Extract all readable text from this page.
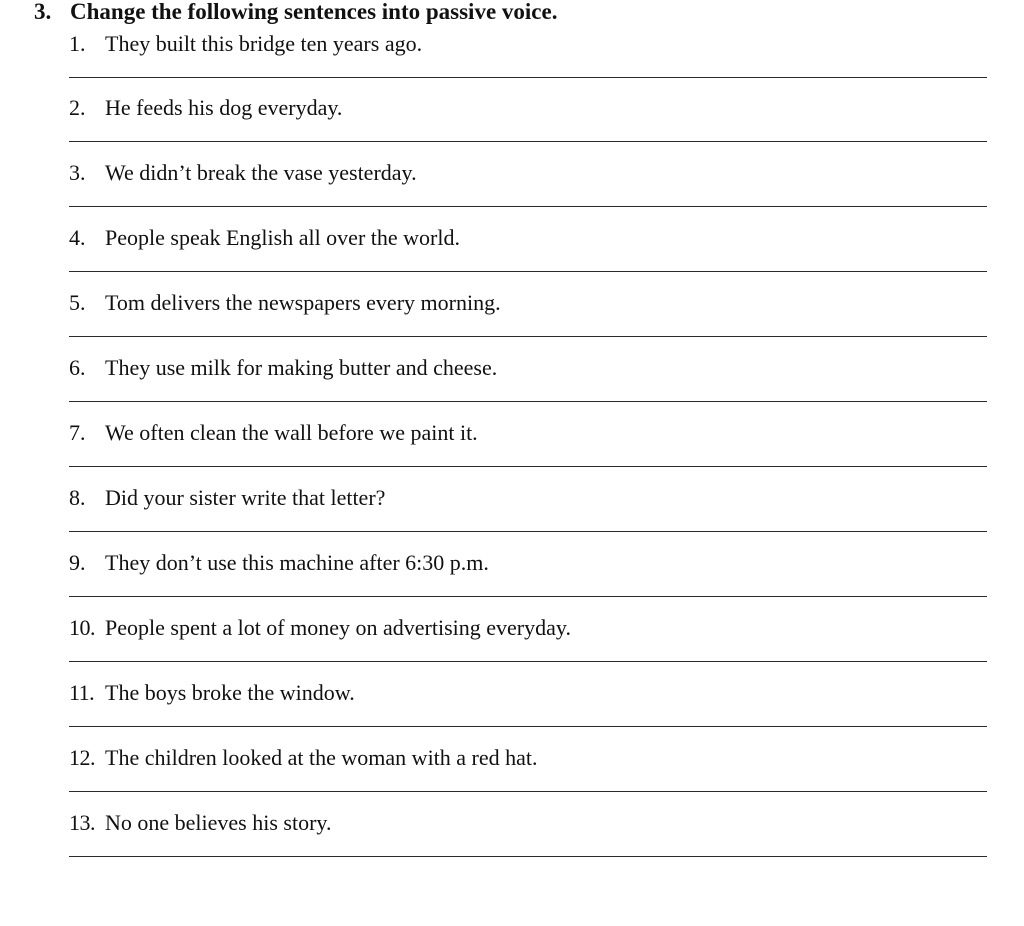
3. Change the following sentences into passive voice.
1. They built this bridge ten years ago.
2. He feeds his dog everyday.
3. We didn’t break the vase yesterday.
4. People speak English all over the world.
5. Tom delivers the newspapers every morning.
6. They use milk for making butter and cheese.
7. We often clean the wall before we paint it.
8. Did your sister write that letter?
9. They don’t use this machine after 6:30 p.m.
10. People spent a lot of money on advertising everyday.
11. The boys broke the window.
12. The children looked at the woman with a red hat.
13. No one believes his story.
